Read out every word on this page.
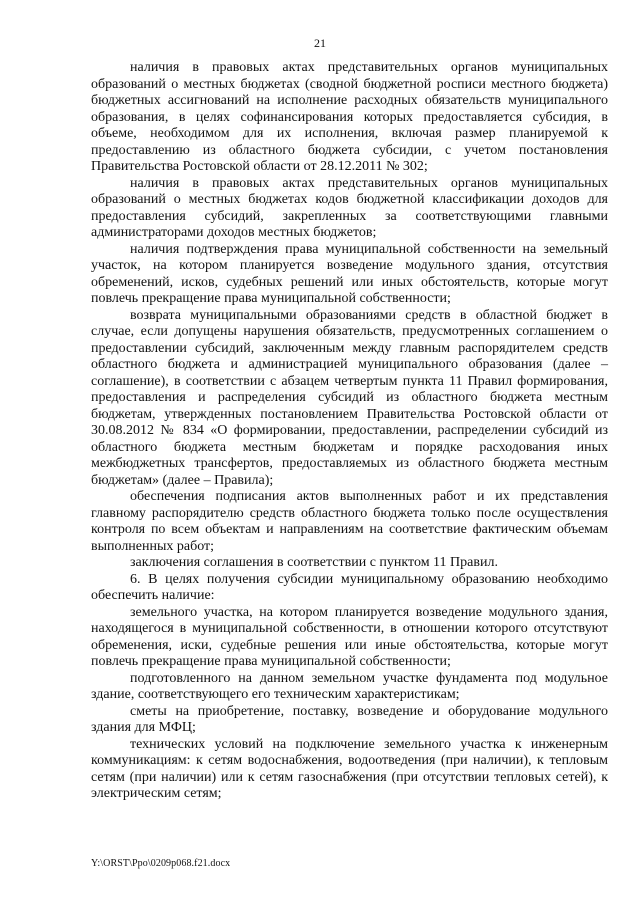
21

наличия в правовых актах представительных органов муниципальных образований о местных бюджетах (сводной бюджетной росписи местного бюджета) бюджетных ассигнований на исполнение расходных обязательств муниципального образования, в целях софинансирования которых предоставляется субсидия, в объеме, необходимом для их исполнения, включая размер планируемой к предоставлению из областного бюджета субсидии, с учетом постановления Правительства Ростовской области от 28.12.2011 № 302;

наличия в правовых актах представительных органов муниципальных образований о местных бюджетах кодов бюджетной классификации доходов для предоставления субсидий, закрепленных за соответствующими главными администраторами доходов местных бюджетов;

наличия подтверждения права муниципальной собственности на земельный участок, на котором планируется возведение модульного здания, отсутствия обременений, исков, судебных решений или иных обстоятельств, которые могут повлечь прекращение права муниципальной собственности;

возврата муниципальными образованиями средств в областной бюджет в случае, если допущены нарушения обязательств, предусмотренных соглашением о предоставлении субсидий, заключенным между главным распорядителем средств областного бюджета и администрацией муниципального образования (далее – соглашение), в соответствии с абзацем четвертым пункта 11 Правил формирования, предоставления и распределения субсидий из областного бюджета местным бюджетам, утвержденных постановлением Правительства Ростовской области от 30.08.2012 № 834 «О формировании, предоставлении, распределении субсидий из областного бюджета местным бюджетам и порядке расходования иных межбюджетных трансфертов, предоставляемых из областного бюджета местным бюджетам» (далее – Правила);

обеспечения подписания актов выполненных работ и их представления главному распорядителю средств областного бюджета только после осуществления контроля по всем объектам и направлениям на соответствие фактическим объемам выполненных работ;

заключения соглашения в соответствии с пунктом 11 Правил.

6. В целях получения субсидии муниципальному образованию необходимо обеспечить наличие:

земельного участка, на котором планируется возведение модульного здания, находящегося в муниципальной собственности, в отношении которого отсутствуют обременения, иски, судебные решения или иные обстоятельства, которые могут повлечь прекращение права муниципальной собственности;

подготовленного на данном земельном участке фундамента под модульное здание, соответствующего его техническим характеристикам;

сметы на приобретение, поставку, возведение и оборудование модульного здания для МФЦ;

технических условий на подключение земельного участка к инженерным коммуникациям: к сетям водоснабжения, водоотведения (при наличии), к тепловым сетям (при наличии) или к сетям газоснабжения (при отсутствии тепловых сетей), к электрическим сетям;

Y:\ORST\Ppo\0209p068.f21.docx
